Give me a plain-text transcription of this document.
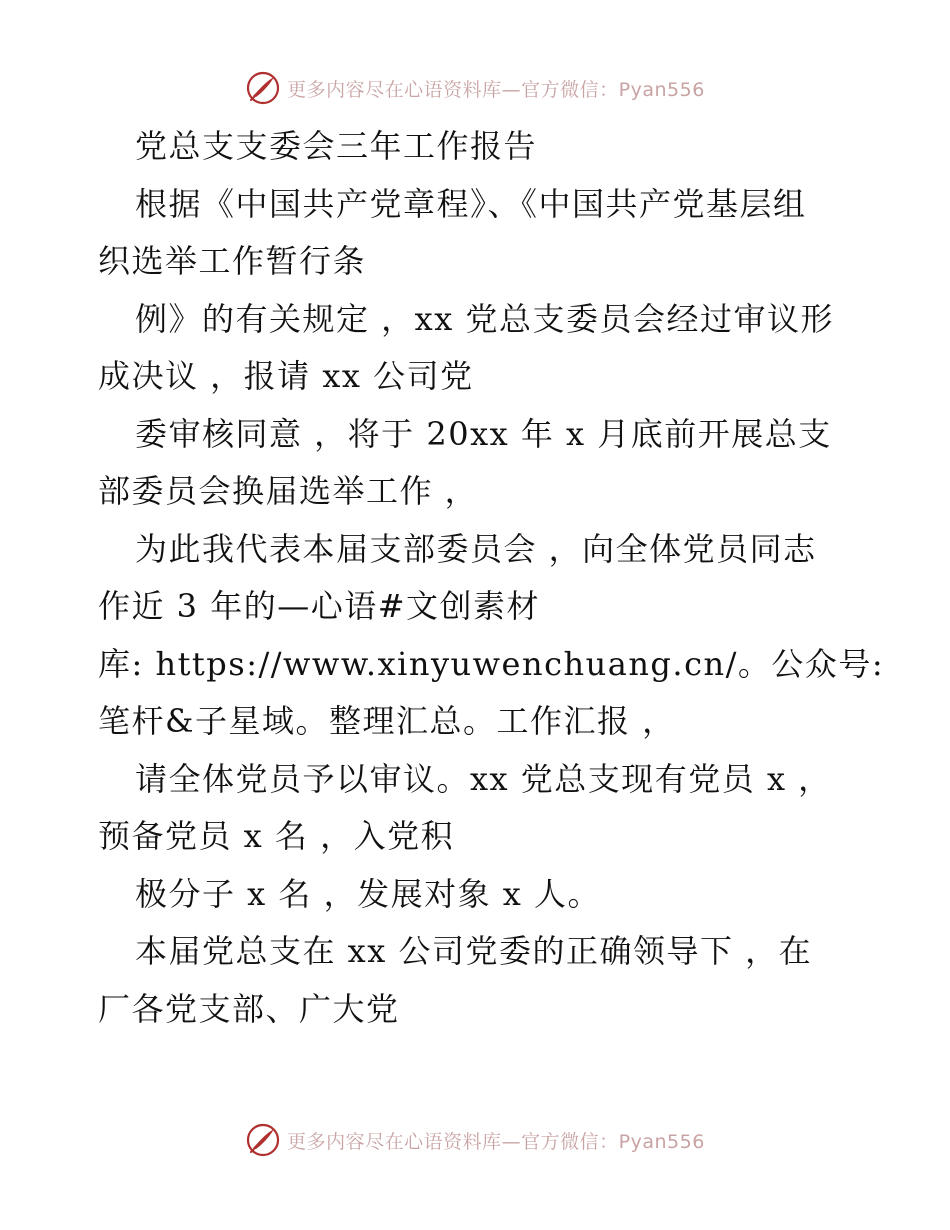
更多内容尽在心语资料库—官方微信：Pyan556
党总支支委会三年工作报告
根据《中国共产党章程》、《中国共产党基层组
织选举工作暂行条
例》的有关规定 ，xx 党总支委员会经过审议形
成决议 ，报请 xx 公司党
委审核同意 ，将于 20xx 年 x 月底前开展总支
部委员会换届选举工作 ，
为此我代表本届支部委员会 ，向全体党员同志
作近 3 年的—心语#文创素材
库: https://www.xinyuwenchuang.cn/。公众号:
笔杆&子星域。整理汇总。工作汇报 ，
请全体党员予以审议。xx 党总支现有党员 x ，
预备党员 x 名 ，入党积
极分子 x 名 ，发展对象 x 人。
本届党总支在 xx 公司党委的正确领导下 ，在
厂各党支部、广大党
更多内容尽在心语资料库—官方微信：Pyan556
